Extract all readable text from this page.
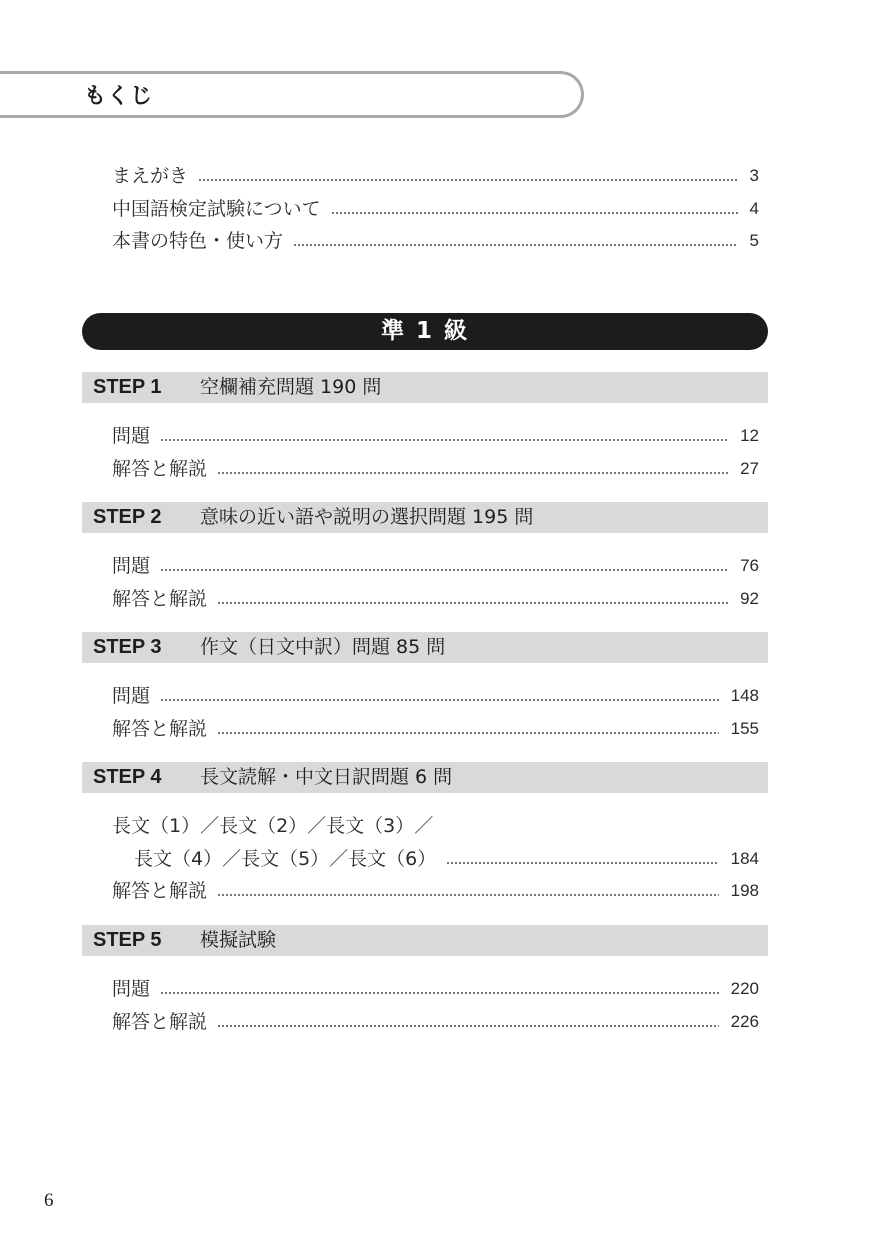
もくじ
まえがき	3
中国語検定試験について	4
本書の特色・使い方	5
準 1 級
STEP 1 空欄補充問題 190 問
問題	12
解答と解説	27
STEP 2 意味の近い語や説明の選択問題 195 問
問題	76
解答と解説	92
STEP 3 作文（日文中訳）問題 85 問
問題	148
解答と解説	155
STEP 4 長文読解・中文日訳問題 6 問
長文（1）／長文（2）／長文（3）／
長文（4）／長文（5）／長文（6）	184
解答と解説	198
STEP 5 模擬試験
問題	220
解答と解説	226
6
